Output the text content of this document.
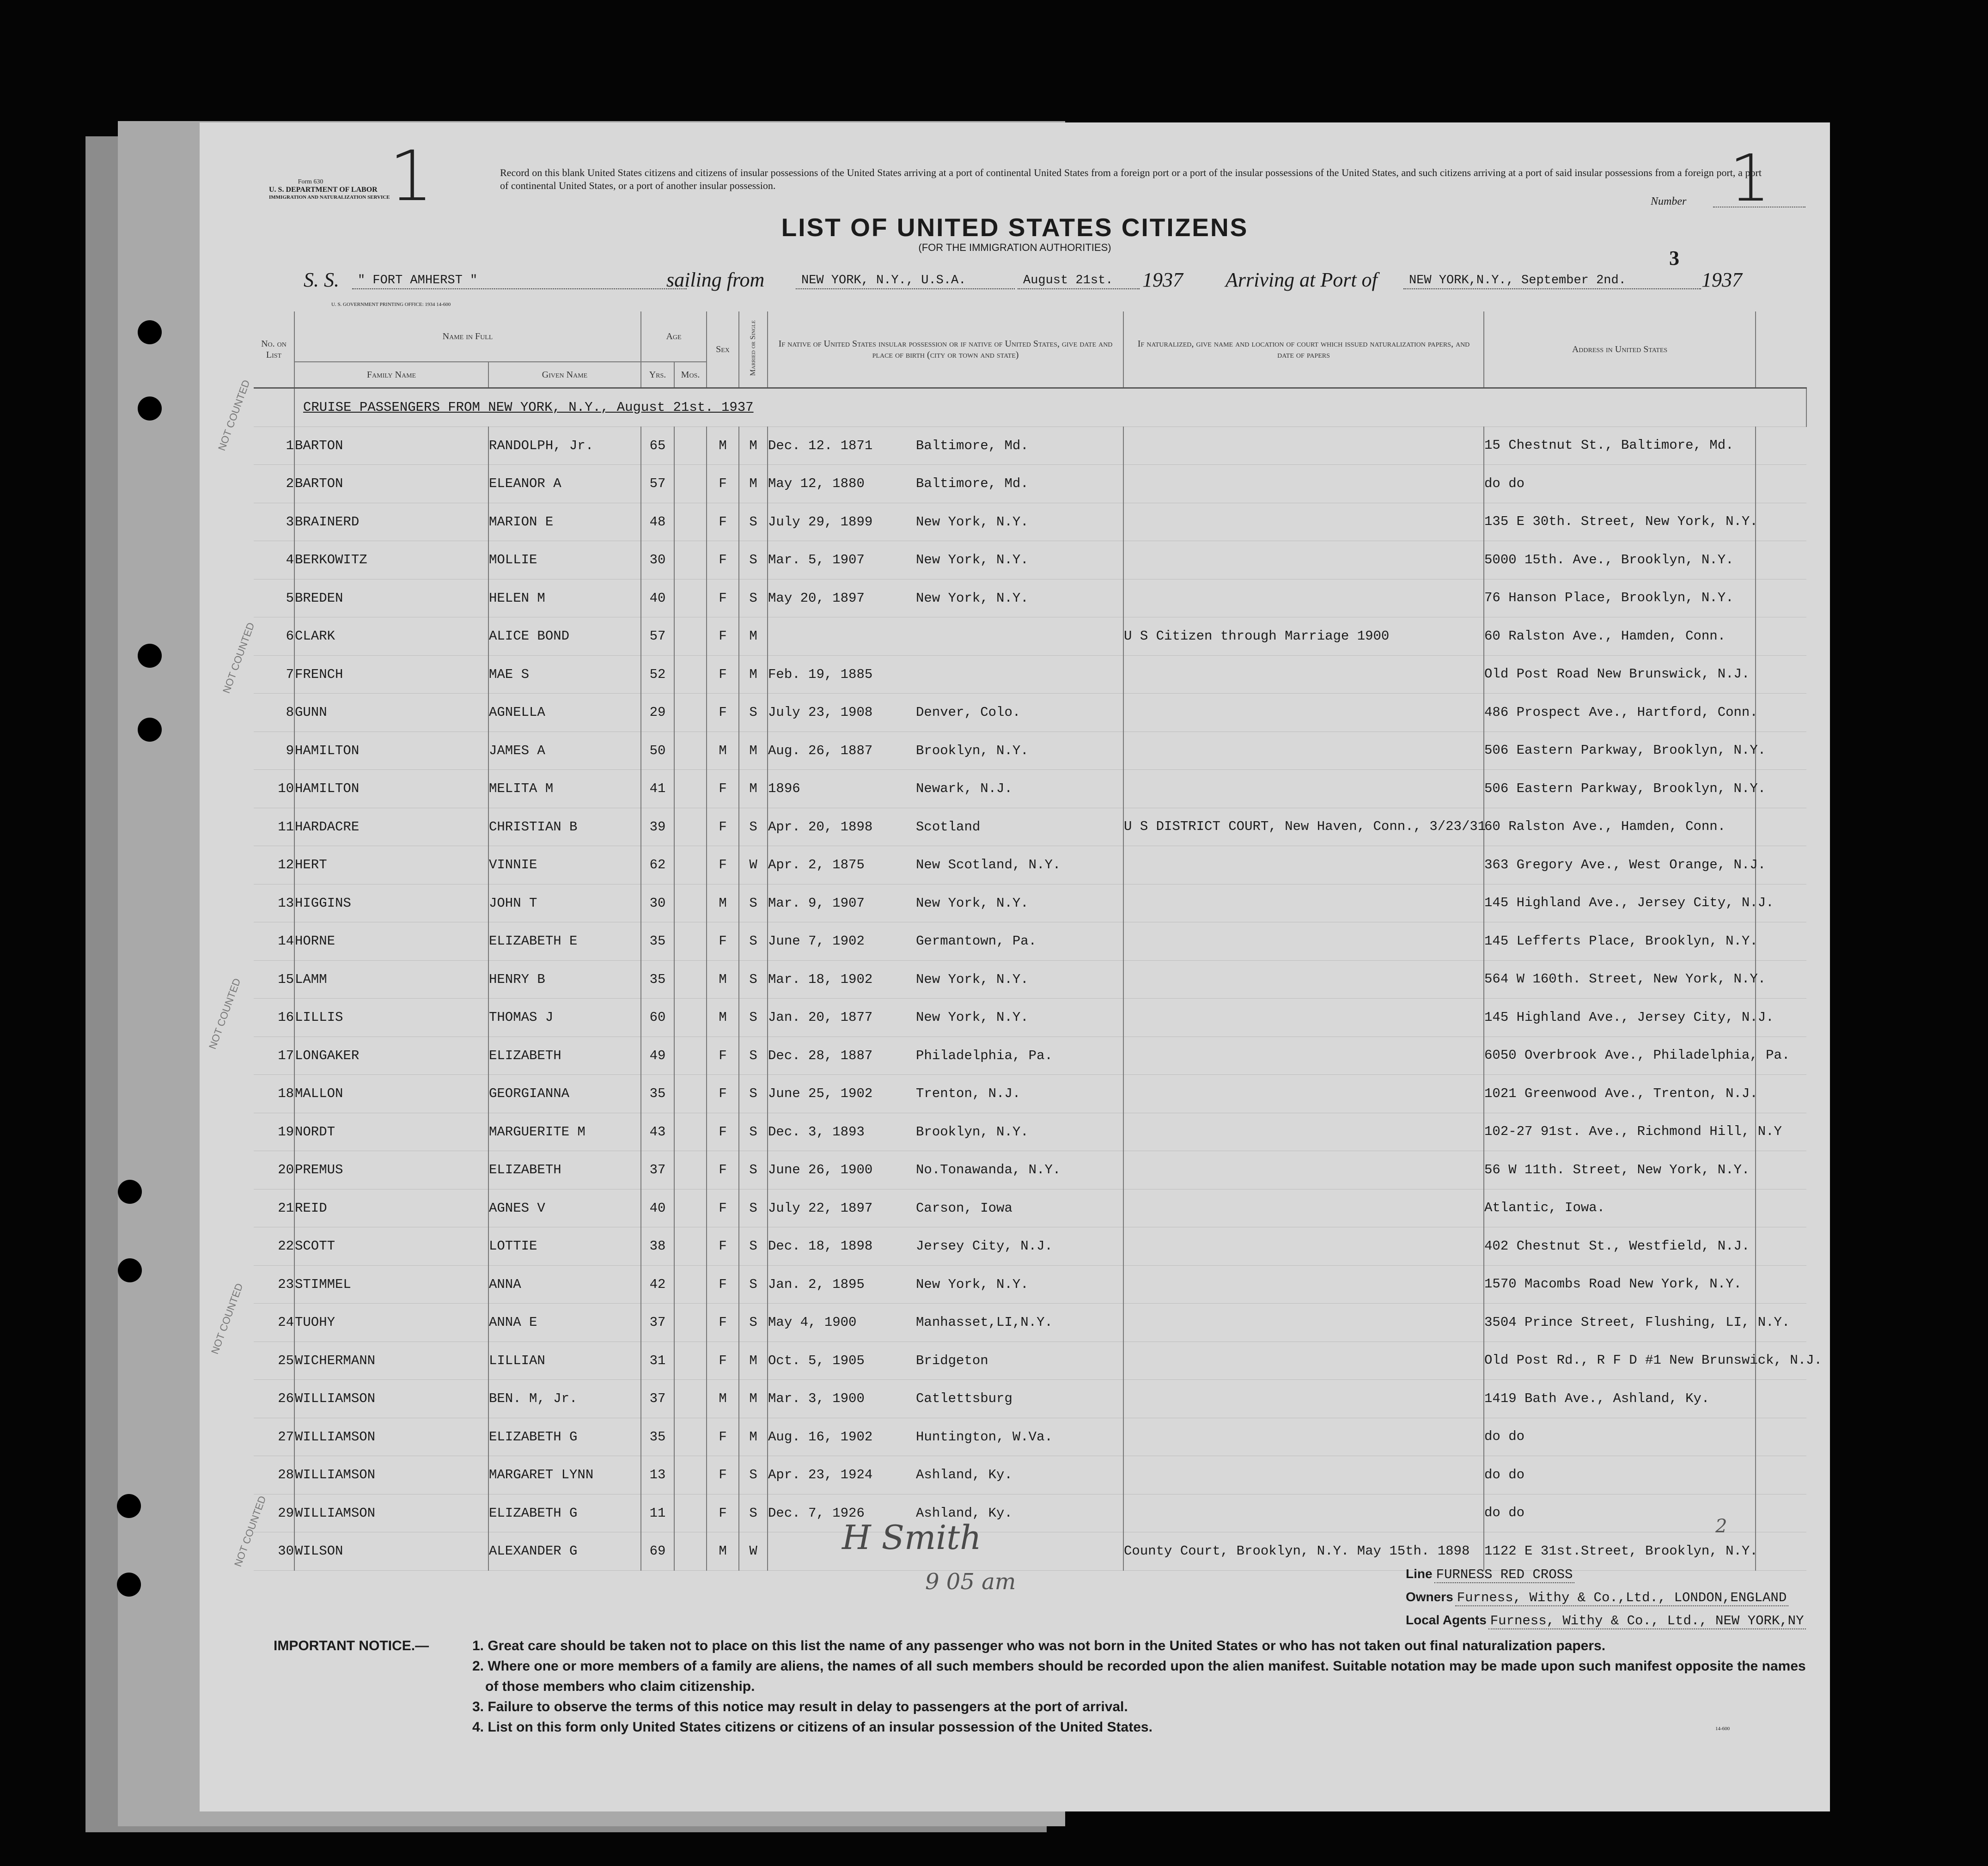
Form 630
U. S. DEPARTMENT OF LABOR
IMMIGRATION AND NATURALIZATION SERVICE
1	Record on this blank United States citizens and citizens of insular possessions of the United States arriving at a port of continental United States from a foreign port or a port of the insular possessions of the United States, and such citizens arriving at a port of said insular possessions from a foreign port, a port of continental United States, or a port of another insular possession.
Number 1
LIST OF UNITED STATES CITIZENS
(FOR THE IMMIGRATION AUTHORITIES)	3
S. S.	" FORT AMHERST "	sailing from	NEW YORK, N.Y., U.S.A.	August 21st.	1937 Arriving at Port of	NEW YORK,N.Y., September 2nd.	1937
U. S. GOVERNMENT PRINTING OFFICE: 1934 14-600
No. on List	Name in Full		Age		Sex	Married or Single	If native of United States insular possession or if native of United States, give date and place of birth (city or town and state)	If naturalized, give name and location of court which issued naturalization papers, and date of papers	Address in United States	
	Family Name	Given Name	Yrs.	Mos.						
	CRUISE PASSENGERS FROM NEW YORK, N.Y., August 21st. 1937									
1	BARTON	RANDOLPH, Jr.	65		M	M	Dec. 12. 1871 Baltimore, Md.		15 Chestnut St., Baltimore, Md.	
2	BARTON	ELEANOR A	57		F	M	May 12, 1880 Baltimore, Md.		do do	
3	BRAINERD	MARION E	48		F	S	July 29, 1899 New York, N.Y.		135 E 30th. Street, New York, N.Y.	
4	BERKOWITZ	MOLLIE	30		F	S	Mar. 5, 1907 New York, N.Y.		5000 15th. Ave., Brooklyn, N.Y.	
5	BREDEN	HELEN M	40		F	S	May 20, 1897 New York, N.Y.		76 Hanson Place, Brooklyn, N.Y.	
6	CLARK	ALICE BOND	57		F	M		U S Citizen through Marriage 1900	60 Ralston Ave., Hamden, Conn.	
7	FRENCH	MAE S	52		F	M	Feb. 19, 1885		Old Post Road New Brunswick, N.J.	
8	GUNN	AGNELLA	29		F	S	July 23, 1908 Denver, Colo.		486 Prospect Ave., Hartford, Conn.	
9	HAMILTON	JAMES A	50		M	M	Aug. 26, 1887 Brooklyn, N.Y.		506 Eastern Parkway, Brooklyn, N.Y.	
10	HAMILTON	MELITA M	41		F	M	1896 Newark, N.J.		506 Eastern Parkway, Brooklyn, N.Y.	
11	HARDACRE	CHRISTIAN B	39		F	S	Apr. 20, 1898 Scotland	U S DISTRICT COURT, New Haven, Conn., 3/23/31	60 Ralston Ave., Hamden, Conn.	
12	HERT	VINNIE	62		F	W	Apr. 2, 1875 New Scotland, N.Y.		363 Gregory Ave., West Orange, N.J.	
13	HIGGINS	JOHN T	30		M	S	Mar. 9, 1907 New York, N.Y.		145 Highland Ave., Jersey City, N.J.	
14	HORNE	ELIZABETH E	35		F	S	June 7, 1902 Germantown, Pa.		145 Lefferts Place, Brooklyn, N.Y.	
15	LAMM	HENRY B	35		M	S	Mar. 18, 1902 New York, N.Y.		564 W 160th. Street, New York, N.Y.	
16	LILLIS	THOMAS J	60		M	S	Jan. 20, 1877 New York, N.Y.		145 Highland Ave., Jersey City, N.J.	
17	LONGAKER	ELIZABETH	49		F	S	Dec. 28, 1887 Philadelphia, Pa.		6050 Overbrook Ave., Philadelphia, Pa.	
18	MALLON	GEORGIANNA	35		F	S	June 25, 1902 Trenton, N.J.		1021 Greenwood Ave., Trenton, N.J.	
19	NORDT	MARGUERITE M	43		F	S	Dec. 3, 1893 Brooklyn, N.Y.		102-27 91st. Ave., Richmond Hill, N.Y	
20	PREMUS	ELIZABETH	37		F	S	June 26, 1900 No.Tonawanda, N.Y.		56 W 11th. Street, New York, N.Y.	
21	REID	AGNES V	40		F	S	July 22, 1897 Carson, Iowa		Atlantic, Iowa.	
22	SCOTT	LOTTIE	38		F	S	Dec. 18, 1898 Jersey City, N.J.		402 Chestnut St., Westfield, N.J.	
23	STIMMEL	ANNA	42		F	S	Jan. 2, 1895 New York, N.Y.		1570 Macombs Road New York, N.Y.	
24	TUOHY	ANNA E	37		F	S	May 4, 1900 Manhasset,LI,N.Y.		3504 Prince Street, Flushing, LI, N.Y.	
25	WICHERMANN	LILLIAN	31		F	M	Oct. 5, 1905 Bridgeton		Old Post Rd., R F D #1 New Brunswick, N.J.	
26	WILLIAMSON	BEN. M, Jr.	37		M	M	Mar. 3, 1900 Catlettsburg		1419 Bath Ave., Ashland, Ky.	
27	WILLIAMSON	ELIZABETH G	35		F	M	Aug. 16, 1902 Huntington, W.Va.		do do	
28	WILLIAMSON	MARGARET LYNN	13		F	S	Apr. 23, 1924 Ashland, Ky.		do do	
29	WILLIAMSON	ELIZABETH G	11		F	S	Dec. 7, 1926 Ashland, Ky.		do do	
30	WILSON	ALEXANDER G	69		M	W		County Court, Brooklyn, N.Y. May 15th. 1898	1122 E 31st.Street, Brooklyn, N.Y.	
NOT COUNTED
NOT COUNTED
NOT COUNTED
NOT COUNTED
NOT COUNTED	2
H Smith
9 05 am	Line FURNESS RED CROSS
Owners Furness, Withy & Co.,Ltd., LONDON,ENGLAND
Local Agents Furness, Withy & Co., Ltd., NEW YORK,NY
IMPORTANT NOTICE.—	1. Great care should be taken not to place on this list the name of any passenger who was not born in the United States or who has not taken out final naturalization papers.
2. Where one or more members of a family are aliens, the names of all such members should be recorded upon the alien manifest. Suitable notation may be made upon such manifest opposite the names of those members who claim citizenship.
3. Failure to observe the terms of this notice may result in delay to passengers at the port of arrival.
4. List on this form only United States citizens or citizens of an insular possession of the United States.	14-600
